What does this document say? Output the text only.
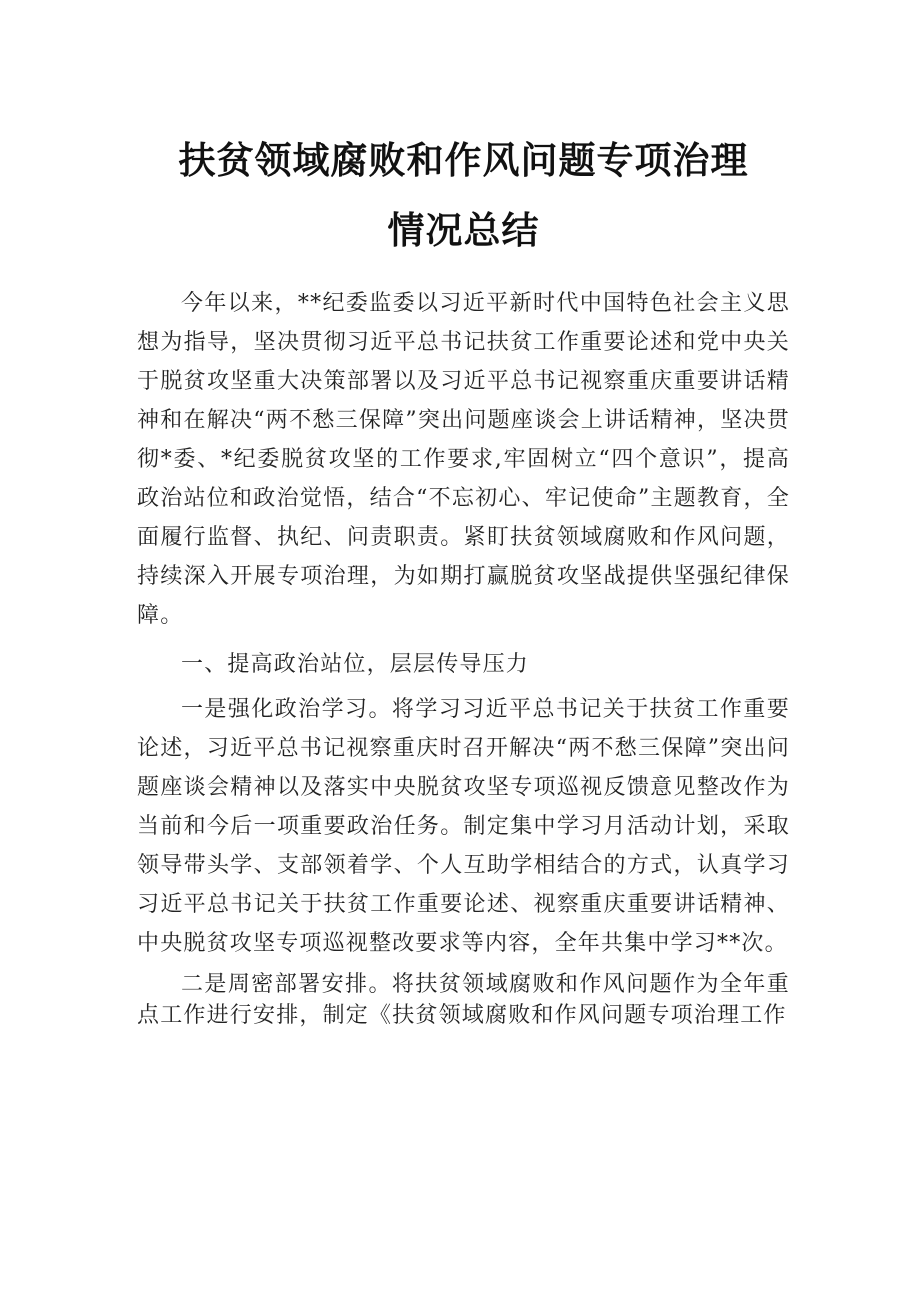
扶贫领域腐败和作风问题专项治理
情况总结

今年以来，**纪委监委以习近平新时代中国特色社会主义思想为指导，坚决贯彻习近平总书记扶贫工作重要论述和党中央关于脱贫攻坚重大决策部署以及习近平总书记视察重庆重要讲话精神和在解决“两不愁三保障”突出问题座谈会上讲话精神，坚决贯彻*委、*纪委脱贫攻坚的工作要求,牢固树立“四个意识”，提高政治站位和政治觉悟，结合“不忘初心、牢记使命”主题教育，全面履行监督、执纪、问责职责。紧盯扶贫领域腐败和作风问题，持续深入开展专项治理，为如期打赢脱贫攻坚战提供坚强纪律保障。

一、提高政治站位，层层传导压力

一是强化政治学习。将学习习近平总书记关于扶贫工作重要论述，习近平总书记视察重庆时召开解决“两不愁三保障”突出问题座谈会精神以及落实中央脱贫攻坚专项巡视反馈意见整改作为当前和今后一项重要政治任务。制定集中学习月活动计划，采取领导带头学、支部领着学、个人互助学相结合的方式，认真学习习近平总书记关于扶贫工作重要论述、视察重庆重要讲话精神、中央脱贫攻坚专项巡视整改要求等内容，全年共集中学习**次。

二是周密部署安排。将扶贫领域腐败和作风问题作为全年重点工作进行安排，制定《扶贫领域腐败和作风问题专项治理工作
